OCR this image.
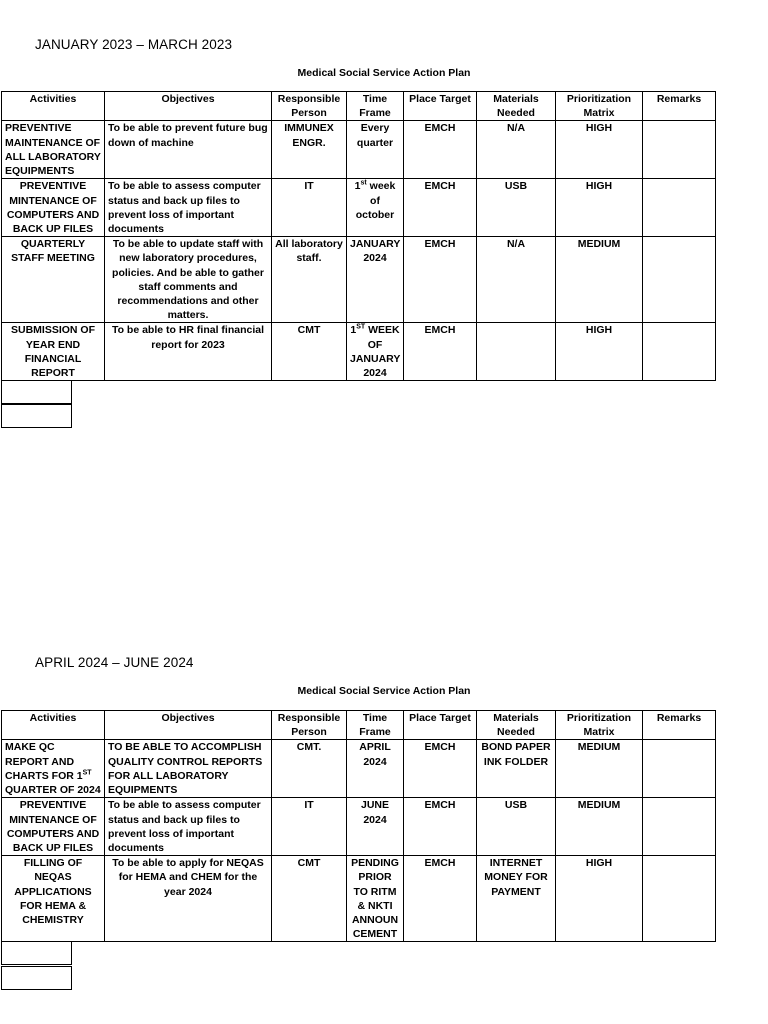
JANUARY 2023 – MARCH 2023
Medical Social Service Action Plan
Activities	Objectives	Responsible Person	Time Frame	Place Target	Materials Needed	Prioritization Matrix	Remarks
PREVENTIVE MAINTENANCE OF ALL LABORATORY EQUIPMENTS	To be able to prevent future bug down of machine	IMMUNEX ENGR.	Every quarter	EMCH	N/A	HIGH	
PREVENTIVE MINTENANCE OF COMPUTERS AND BACK UP FILES	To be able to assess computer status and back up files to prevent loss of important documents	IT	1st week of october	EMCH	USB	HIGH	
QUARTERLY STAFF MEETING	To be able to update staff with new laboratory procedures, policies. And be able to gather staff comments and recommendations and other matters.	All laboratory staff.	JANUARY 2024	EMCH	N/A	MEDIUM	
SUBMISSION OF YEAR END FINANCIAL REPORT	To be able to HR final financial report for 2023	CMT	1ST WEEK OF JANUARY 2024	EMCH		HIGH	
APRIL 2024 – JUNE 2024
Medical Social Service Action Plan
Activities	Objectives	Responsible Person	Time Frame	Place Target	Materials Needed	Prioritization Matrix	Remarks
MAKE QC REPORT AND CHARTS FOR 1ST QUARTER OF 2024	TO BE ABLE TO ACCOMPLISH QUALITY CONTROL REPORTS FOR ALL LABORATORY EQUIPMENTS	CMT.	APRIL 2024	EMCH	BOND PAPER INK FOLDER	MEDIUM	
PREVENTIVE MINTENANCE OF COMPUTERS AND BACK UP FILES	To be able to assess computer status and back up files to prevent loss of important documents	IT	JUNE 2024	EMCH	USB	MEDIUM	
FILLING OF NEQAS APPLICATIONS FOR HEMA & CHEMISTRY	To be able to apply for NEQAS for HEMA and CHEM for the year 2024	CMT	PENDING PRIOR TO RITM & NKTI ANNOUN CEMENT	EMCH	INTERNET MONEY FOR PAYMENT	HIGH	
